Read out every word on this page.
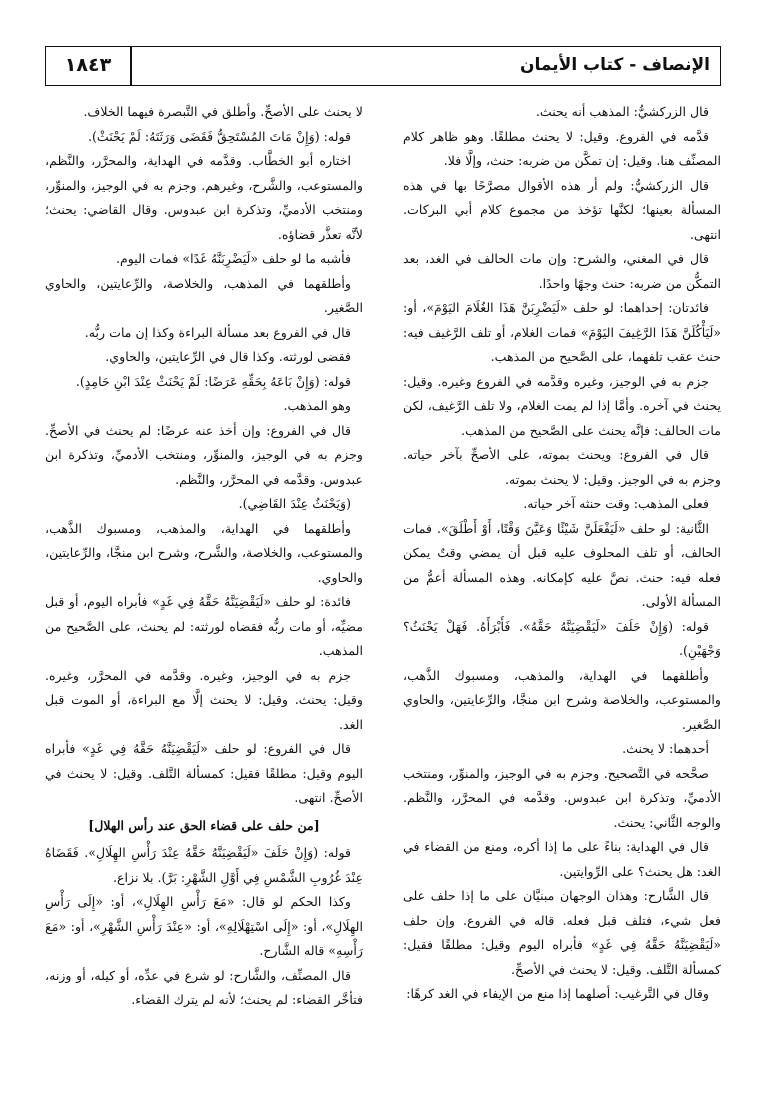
الإنصاف - كتاب الأيمان
١٨٤٣

قال الزركشيُّ: المذهب أنه يحنث.

قدَّمه في الفروع. وقيل: لا يحنث مطلقًا. وهو ظاهر كلام المصنِّف هنا. وقيل: إن تمكَّن من ضربه: حنث، وإلَّا فلا.

قال الزركشيُّ: ولم أر هذه الأقوال مصرَّحًا بها في هذه المسألة بعينها؛ لكنَّها تؤخذ من مجموع كلام أبي البركات. انتهى.

قال في المغني، والشرح: وإن مات الحالف في الغد، بعد التمكُّن من ضربه: حنث وجهًا واحدًا.

فائدتان: إحداهما: لو حلف «لَيَضْرِبَنَّ هَذَا الغُلَامَ اليَوْمَ»، أو: «لَيَأْكُلَنَّ هَذَا الرَّغِيفَ اليَوْمَ» فمات الغلام، أو تلف الرَّغيف فيه: حنث عقب تلفهما، على الصَّحيح من المذهب.

جزم به في الوجيز، وغيره وقدَّمه في الفروع وغيره. وقيل: يحنث في آخره. وأمَّا إذا لم يمت الغلام، ولا تلف الرَّغيف، لكن مات الحالف: فإنَّه يحنث على الصَّحيح من المذهب.

قال في الفروع: ويحنث بموته، على الأصحِّ بآخر حياته. وجزم به في الوجيز. وقيل: لا يحنث بموته.

فعلى المذهب: وقت حنثه آخر حياته.

الثَّانية: لو حلف «لَيَفْعَلَنَّ شَيْئًا وَعَيَّنَ وَقْتًا، أَوْ أَطْلَقَ». فمات الحالف، أو تلف المحلوف عليه قبل أن يمضي وقتٌ يمكن فعله فيه: حنث. نصَّ عليه كإمكانه. وهذه المسألة أعمُّ من المسألة الأولى.

قوله: (وَإِنْ حَلَفَ «لَيَقْضِيَنَّهُ حَقَّهُ». فَأَبْرَأَهُ. فَهَلْ يَحْنَثُ؟ وَجْهَيْنِ).

وأطلقهما في الهداية، والمذهب، ومسبوك الذَّهب، والمستوعب، والخلاصة وشرح ابن منجَّا، والرِّعايتين، والحاوي الصَّغير.

أحدهما: لا يحنث.

صحَّحه في التَّصحيح. وجزم به في الوجيز، والمنوِّر، ومنتخب الأدميِّ، وتذكرة ابن عبدوس. وقدَّمه في المحرَّر، والنَّظم. والوجه الثَّاني: يحنث.

قال في الهداية: بناءً على ما إذا أكره، ومنع من القضاء في الغد: هل يحنث؟ على الرِّوايتين.

قال الشَّارح: وهذان الوجهان مبنيَّان على ما إذا حلف على فعل شيء، فتلف قبل فعله. قاله في الفروع. وإن حلف «لَيَقْضِيَنَّهُ حَقَّهُ فِي غَدٍ» فأبراه اليوم وقيل: مطلقًا فقيل: كمسألة التَّلف. وقيل: لا يحنث في الأصحِّ.

وقال في التَّرغيب: أصلهما إذا منع من الإيفاء في الغد كرهًا:

لا يحنث على الأصحِّ. وأطلق في التَّبصرة فيهما الخلاف.

قوله: (وَإِنْ مَاتَ المُسْتَحِقُّ فَقَضَى وَرَثَتَهُ: لَمْ يَحْنَثْ).

اختاره أبو الخطَّاب. وقدَّمه في الهداية، والمحرَّر، والنَّظم، والمستوعب، والشَّرح، وغيرهم. وجزم به في الوجيز، والمنوِّر، ومنتخب الأدميِّ، وتذكرة ابن عبدوس. وقال القاضي: يحنث؛ لأنَّه تعذَّر قضاؤه.

فأشبه ما لو حلف «لَيَضْرِبَنَّهُ غَدًا» فمات اليوم.

وأطلقهما في المذهب، والخلاصة، والرِّعايتين، والحاوي الصَّغير.

قال في الفروع بعد مسألة البراءة وكذا إن مات ربُّه.

فقضى لورثته. وكذا قال في الرِّعايتين، والحاوي.

قوله: (وَإِنْ بَاعَهُ بِحَقِّهِ عَرَضًا: لَمْ يَحْنَثْ عِنْدَ ابْنِ حَامِدٍ).

وهو المذهب.

قال في الفروع: وإن أخذ عنه عرضًا: لم يحنث في الأصحِّ. وجزم به في الوجيز، والمنوِّر، ومنتخب الأدميِّ، وتذكرة ابن عبدوس. وقدَّمه في المحرَّر، والنَّظم.

(وَيَحْنَثُ عِنْدَ القَاضِي).

وأطلقهما في الهداية، والمذهب، ومسبوك الذَّهب، والمستوعب، والخلاصة، والشَّرح، وشرح ابن منجَّا، والرِّعايتين، والحاوي.

فائدة: لو حلف «لَيَقْضِيَنَّهُ حَقَّهُ فِي غَدٍ» فأبراه اليوم، أو قبل مضيِّه، أو مات ربُّه فقضاه لورثته: لم يحنث، على الصَّحيح من المذهب.

جزم به في الوجيز، وغيره. وقدَّمه في المحرَّر، وغيره. وقيل: يحنث. وقيل: لا يحنث إلَّا مع البراءة، أو الموت قبل الغد.

قال في الفروع: لو حلف «لَيَقْضِيَنَّهُ حَقَّهُ فِي غَدٍ» فأبراه اليوم وقيل: مطلقًا فقيل: كمسألة التَّلف. وقيل: لا يحنث في الأصحِّ. انتهى.

[من حلف على قضاء الحق عند رأس الهلال]

قوله: (وَإِنْ حَلَفَ «لَيَقْضِيَنَّهُ حَقَّهُ عِنْدَ رَأْسِ الهِلَالِ». فَقَضَاهُ عِنْدَ غُرُوبِ الشَّمْسِ فِي أَوَّلِ الشَّهْرِ: بَرَّ). بلا نزاع.

وكذا الحكم لو قال: «مَعَ رَأْسِ الهِلَالِ»، أو: «إِلَى رَأْسِ الهِلَالِ»، أو: «إِلَى اسْتِهْلَالِهِ»، أو: «عِنْدَ رَأْسِ الشَّهْرِ»، أو: «مَعَ رَأْسِهِ» قاله الشَّارح.

قال المصنِّف، والشَّارح: لو شرع في عدِّه، أو كيله، أو وزنه، فتأخَّر القضاء: لم يحنث؛ لأنه لم يترك القضاء.
